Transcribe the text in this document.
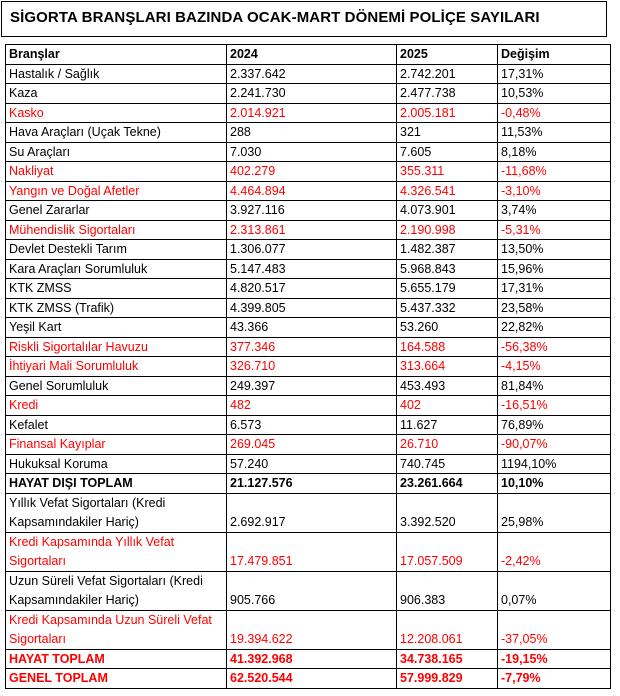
SİGORTA BRANŞLARI BAZINDA OCAK-MART DÖNEMİ POLİÇE SAYILARI
Branşlar	2024	2025	Değişim
Hastalık / Sağlık	2.337.642	2.742.201	17,31%
Kaza	2.241.730	2.477.738	10,53%
Kasko	2.014.921	2.005.181	-0,48%
Hava Araçları (Uçak Tekne)	288	321	11,53%
Su Araçları	7.030	7.605	8,18%
Nakliyat	402.279	355.311	-11,68%
Yangın ve Doğal Afetler	4.464.894	4.326.541	-3,10%
Genel Zararlar	3.927.116	4.073.901	3,74%
Mühendislik Sigortaları	2.313.861	2.190.998	-5,31%
Devlet Destekli Tarım	1.306.077	1.482.387	13,50%
Kara Araçları Sorumluluk	5.147.483	5.968.843	15,96%
KTK ZMSS	4.820.517	5.655.179	17,31%
KTK ZMSS (Trafik)	4.399.805	5.437.332	23,58%
Yeşil Kart	43.366	53.260	22,82%
Riskli Sigortalılar Havuzu	377.346	164.588	-56,38%
İhtiyari Mali Sorumluluk	326.710	313.664	-4,15%
Genel Sorumluluk	249.397	453.493	81,84%
Kredi	482	402	-16,51%
Kefalet	6.573	11.627	76,89%
Finansal Kayıplar	269.045	26.710	-90,07%
Hukuksal Koruma	57.240	740.745	1194,10%
HAYAT DIŞI TOPLAM	21.127.576	23.261.664	10,10%
Yıllık Vefat Sigortaları (Kredi Kapsamındakiler Hariç)	2.692.917	3.392.520	25,98%
Kredi Kapsamında Yıllık Vefat Sigortaları	17.479.851	17.057.509	-2,42%
Uzun Süreli Vefat Sigortaları (Kredi Kapsamındakiler Hariç)	905.766	906.383	0,07%
Kredi Kapsamında Uzun Süreli Vefat Sigortaları	19.394.622	12.208.061	-37,05%
HAYAT TOPLAM	41.392.968	34.738.165	-19,15%
GENEL TOPLAM	62.520.544	57.999.829	-7,79%
